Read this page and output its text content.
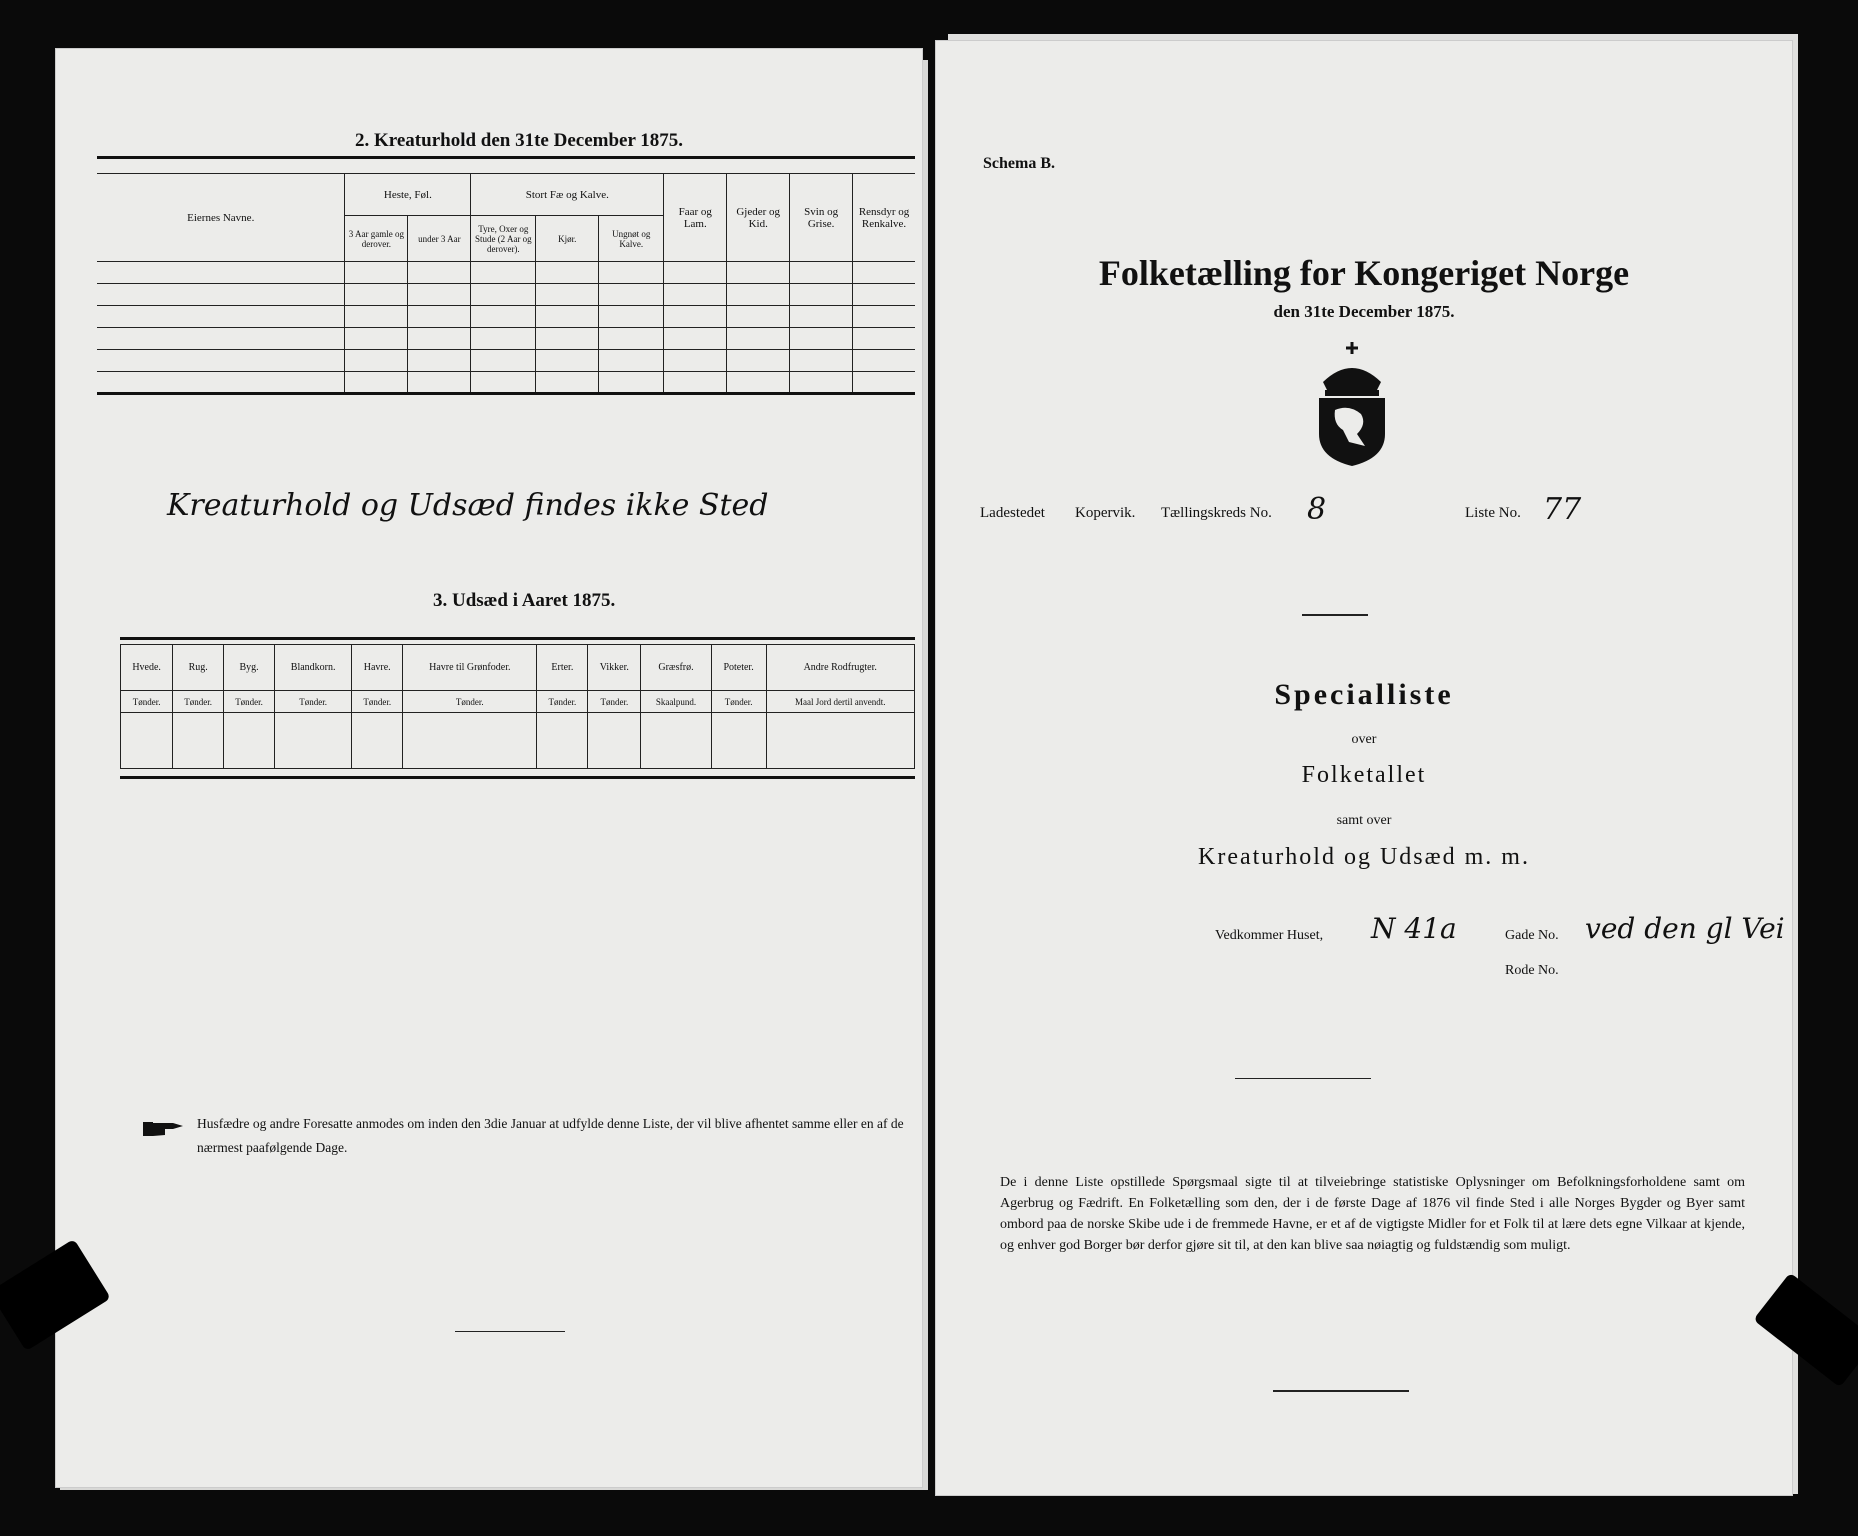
2. Kreaturhold den 31te December 1875.
Eiernes Navne.	Heste, Føl.		Stort Fæ og Kalve.			Faar og Lam.	Gjeder og Kid.	Svin og Grise.	Rensdyr og Renkalve.
	3 Aar gamle og derover.	under 3 Aar	Tyre, Oxer og Stude (2 Aar og derover).	Kjør.	Ungnøt og Kalve.				

Kreaturhold og Udsæd findes ikke Sted
3. Udsæd i Aaret 1875.
Hvede.	Rug.	Byg.	Blandkorn.	Havre.	Havre til Grønfoder.	Erter.	Vikker.	Græsfrø.	Poteter.	Andre Rodfrugter.
Tønder.	Tønder.	Tønder.	Tønder.	Tønder.	Tønder.	Tønder.	Tønder.	Skaalpund.	Tønder.	Maal Jord dertil anvendt.

Husfædre og andre Foresatte anmodes om inden den 3die Januar at udfylde denne Liste, der vil blive afhentet samme eller en af de nærmest paafølgende Dage.
Schema B.
Folketælling for Kongeriget Norge
den 31te December 1875.
Ladestedet Kopervik. Tællingskreds No. 8	Liste No. 77
Specialliste
over
Folketallet
samt over
Kreaturhold og Udsæd m. m.
Vedkommer Huset, N 41a	Gade No. ved den gl Vei
Rode No.
De i denne Liste opstillede Spørgsmaal sigte til at tilveiebringe statistiske Oplysninger om Befolkningsforholdene samt om Agerbrug og Fædrift. En Folketælling som den, der i de første Dage af 1876 vil finde Sted i alle Norges Bygder og Byer samt ombord paa de norske Skibe ude i de fremmede Havne, er et af de vigtigste Midler for et Folk til at lære dets egne Vilkaar at kjende, og enhver god Borger bør derfor gjøre sit til, at den kan blive saa nøiagtig og fuldstændig som muligt.
